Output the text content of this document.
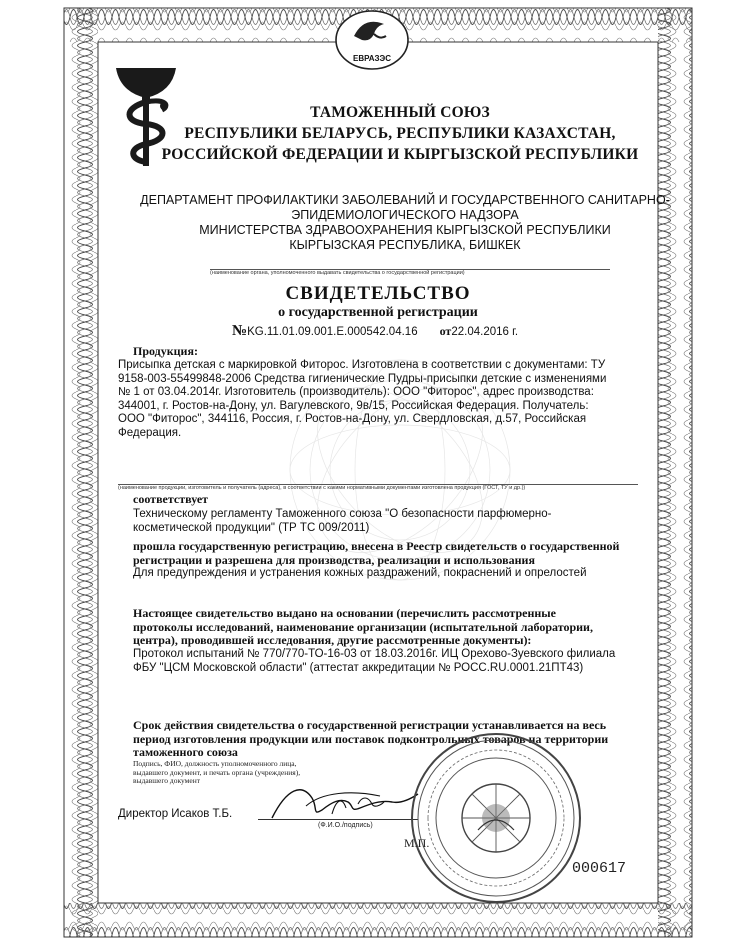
ЕВРАЗЭС

ТАМОЖЕННЫЙ СОЮЗ

РЕСПУБЛИКИ БЕЛАРУСЬ, РЕСПУБЛИКИ КАЗАХСТАН,

РОССИЙСКОЙ ФЕДЕРАЦИИ И КЫРГЫЗСКОЙ РЕСПУБЛИКИ

ДЕПАРТАМЕНТ ПРОФИЛАКТИКИ ЗАБОЛЕВАНИЙ И ГОСУДАРСТВЕННОГО САНИТАРНО-

ЭПИДЕМИОЛОГИЧЕСКОГО НАДЗОРА

МИНИСТЕРСТВА ЗДРАВООХРАНЕНИЯ КЫРГЫЗСКОЙ РЕСПУБЛИКИ

КЫРГЫЗСКАЯ РЕСПУБЛИКА, БИШКЕК

(наименование органа, уполномоченного выдавать свидетельства о государственной регистрации)

СВИДЕТЕЛЬСТВО

о государственной регистрации

№KG.11.01.09.001.E.000542.04.16 от22.04.2016 г.

Продукция:

Присыпка детская с маркировкой Фиторос. Изготовлена в соответствии с документами: ТУ
9158-003-55499848-2006 Средства гигиенические Пудры-присыпки детские с изменениями
№ 1 от 03.04.2014г. Изготовитель (производитель): ООО "Фиторос", адрес производства:
344001, г. Ростов-на-Дону, ул. Вагулевского, 9в/15, Российская Федерация. Получатель:
ООО "Фиторос", 344116, Россия, г. Ростов-на-Дону, ул. Свердловская, д.57, Российская
Федерация.

(наименование продукции, изготовитель и получатель (адреса), в соответствии с какими нормативными документами изготовлена продукция (ГОСТ, ТУ и др.))

соответствует

Техническому регламенту Таможенного союза "О безопасности парфюмерно-
косметической продукции" (ТР ТС 009/2011)
прошла государственную регистрацию, внесена в Реестр свидетельств о государственной
регистрации и разрешена для производства, реализации и использования

Для предупреждения и устранения кожных раздражений, покраснений и опрелостей

Настоящее свидетельство выдано на основании (перечислить рассмотренные
протоколы исследований, наименование организации (испытательной лаборатории,
центра), проводившей исследования, другие рассмотренные документы):
Протокол испытаний № 770/770-ТО-16-03 от 18.03.2016г. ИЦ Орехово-Зуевского филиала
ФБУ "ЦСМ Московской области" (аттестат аккредитации № РОСС.RU.0001.21ПТ43)
Срок действия свидетельства о государственной регистрации устанавливается на весь
период изготовления продукции или поставок подконтрольных товаров на территории
таможенного союза
Подпись, ФИО, должность уполномоченного лица,
выдавшего документ, и печать органа (учреждения),
выдавшего документ

Директор Исаков Т.Б.

(Ф.И.О./подпись)

М.П.

000617
